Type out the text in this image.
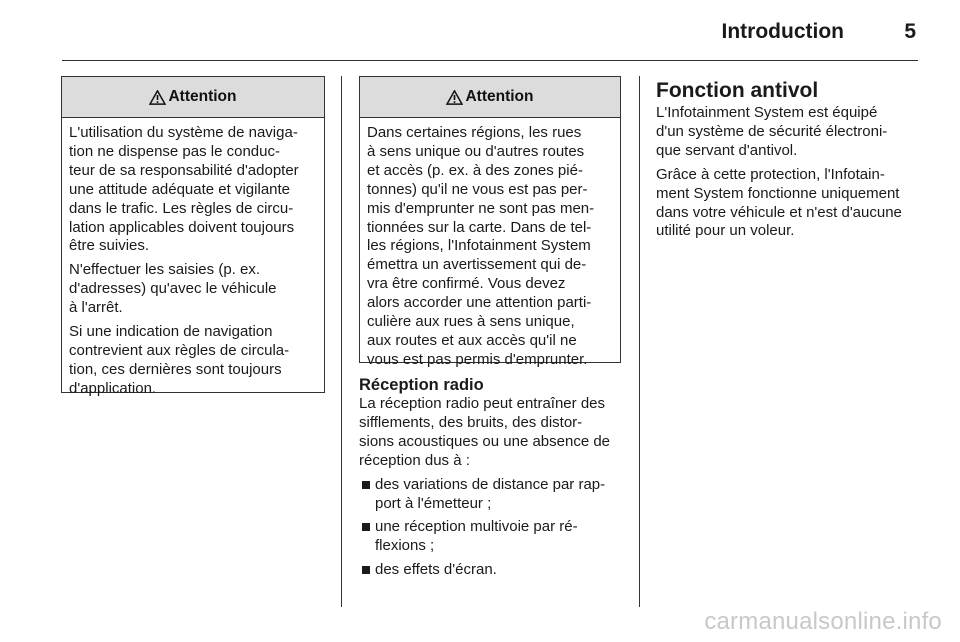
Introduction	5
Attention

L'utilisation du système de naviga-
tion ne dispense pas le conduc-
teur de sa responsabilité d'adopter
une attitude adéquate et vigilante
dans le trafic. Les règles de circu-
lation applicables doivent toujours
être suivies.

N'effectuer les saisies (p. ex.
d'adresses) qu'avec le véhicule
à l'arrêt.

Si une indication de navigation
contrevient aux règles de circula-
tion, ces dernières sont toujours
d'application.

Attention

Dans certaines régions, les rues
à sens unique ou d'autres routes
et accès (p. ex. à des zones pié-
tonnes) qu'il ne vous est pas per-
mis d'emprunter ne sont pas men-
tionnées sur la carte. Dans de tel-
les régions, l'Infotainment System
émettra un avertissement qui de-
vra être confirmé. Vous devez
alors accorder une attention parti-
culière aux rues à sens unique,
aux routes et aux accès qu'il ne
vous est pas permis d'emprunter.

Réception radio

La réception radio peut entraîner des
sifflements, des bruits, des distor-
sions acoustiques ou une absence de
réception dus à :

des variations de distance par rap-
port à l'émetteur ;
une réception multivoie par ré-
flexions ;
des effets d'écran.
Fonction antivol

L'Infotainment System est équipé
d'un système de sécurité électroni-
que servant d'antivol.

Grâce à cette protection, l'Infotain-
ment System fonctionne uniquement
dans votre véhicule et n'est d'aucune
utilité pour un voleur.

carmanualsonline.info
